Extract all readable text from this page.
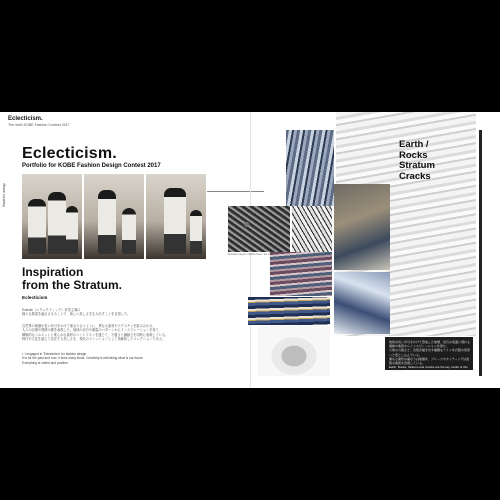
Eclecticism.
The sixth KOBE Fashion Contest 2017
Made for amagi
Eclecticism.
Portfolio for KOBE Fashion Design Contest 2017
Inspiration
from the Stratum.
Eclecticism
Eclectic（エクレクティック）折衷主義の
様々な要素を融合させることで、新しい美しさを生み出すことを目指した。
自然界の地層が長い年月をかけて重なり合うように、異なる素材やテクスチャを組み合わせ、
人々の記憶や感情の層を表現した。地球の岩石や亀裂のパターンからインスピレーションを得て、
構築的なシルエットと柔らかな素材のコントラストを通じて、力強さと繊細さを同時に表現している。
時代や文化を超えて存在する美しさを、現代のファッションとして再解釈したコレクションである。
I. I engaged in 'Eclecticism' for fashion design.
It is for the past and now. It links many kinds. Creativity is rethinking what is our future.
Everything is united and positive.
Antelope Canyon / Marble Cave / Ice crack
Earth /
Rocks
Stratum
Cracks
地球が長い年月をかけて形成した地層、岩石の表面に現れる模様や亀裂からインスピレーションを得た。
大地の力強さと、自然が描き出す繊細なラインを衣服の造形へと落とし込んでいる。
異なる素材の重なりは地層を、プリーツやカッティングは岩肌の亀裂を表現している。
Earth, Rocks, Stratum and Cracks are the key motifs of this collection.
